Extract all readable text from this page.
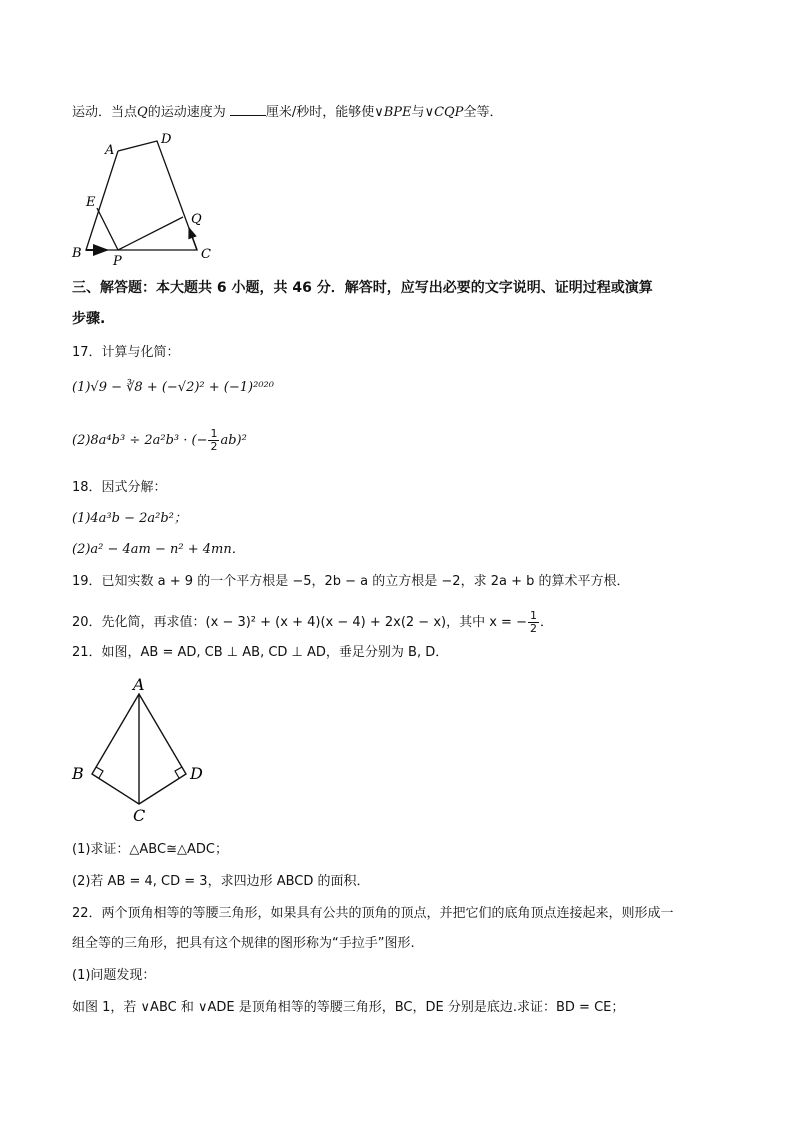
运动．当点Q的运动速度为	厘米/秒时，能够使∨BPE与∨CQP全等．
A
D
E
Q
B
P	C
三、解答题：本大题共 6 小题，共 46 分．解答时，应写出必要的文字说明、证明过程或演算
步骤.
17．计算与化简：
(1)√9 − ∛8 + (−√2)² + (−1)²⁰²⁰
(2)8a⁴b³ ÷ 2a²b³ · (− $\frac{1}{2} ab)^2$
18．因式分解：
(1)4a³b − 2a²b²；
(2)a² − 4am − n² + 4mn．
19．已知实数 a + 9 的一个平方根是 −5，2b − a 的立方根是 −2，求 2a + b 的算术平方根．
20．先化简，再求值：(x − 3)² + (x + 4)(x − 4) + 2x(2 − x)，其中 x = − $\frac{1}{2}$ ．
21．如图，AB = AD, CB ⊥ AB, CD ⊥ AD，垂足分别为 B, D．
A
B	D
C
(1)求证：△ABC≅△ADC；
(2)若 AB = 4, CD = 3，求四边形 ABCD 的面积．
22．两个顶角相等的等腰三角形，如果具有公共的顶角的顶点，并把它们的底角顶点连接起来，则形成一
组全等的三角形，把具有这个规律的图形称为“手拉手”图形.
(1)问题发现：
如图 1，若 ∨ABC 和 ∨ADE 是顶角相等的等腰三角形，BC，DE 分别是底边.求证：BD = CE；
